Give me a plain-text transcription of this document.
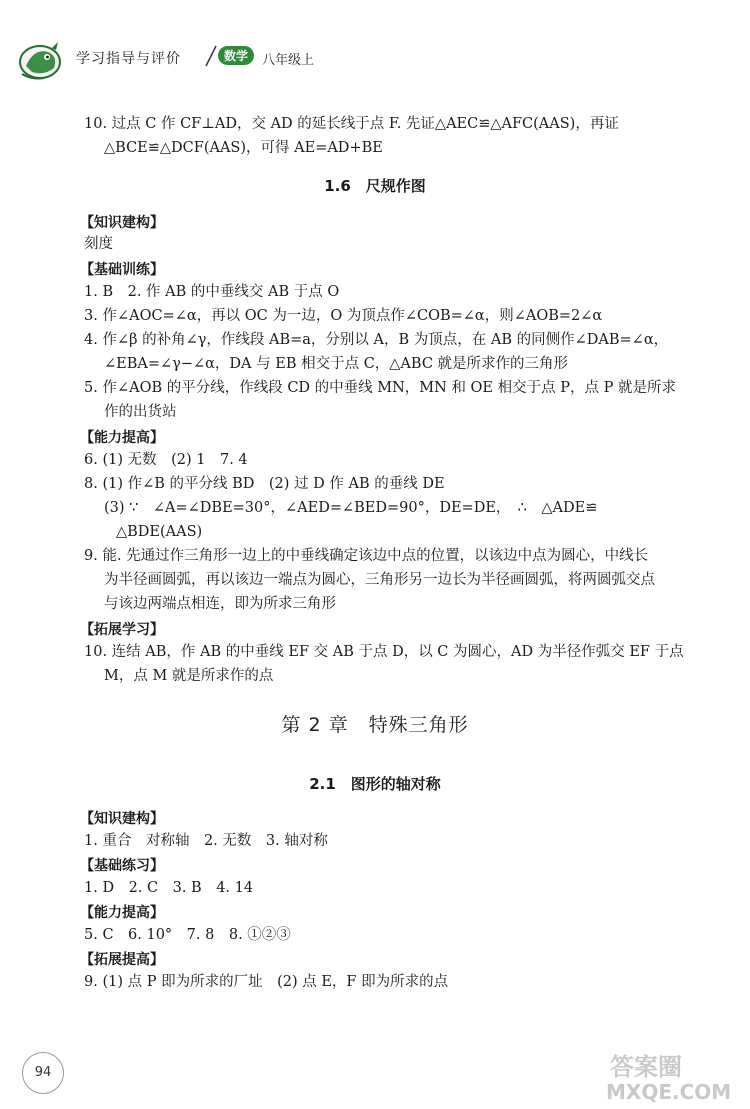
学习指导与评价	数学	八年级上
10. 过点 C 作 CF⊥AD，交 AD 的延长线于点 F. 先证△AEC≌△AFC(AAS)，再证
△BCE≌△DCF(AAS)，可得 AE=AD+BE
1.6　尺规作图
【知识建构】
刻度
【基础训练】
1. B　2. 作 AB 的中垂线交 AB 于点 O
3. 作∠AOC=∠α，再以 OC 为一边，O 为顶点作∠COB=∠α，则∠AOB=2∠α
4. 作∠β 的补角∠γ，作线段 AB=a，分别以 A，B 为顶点，在 AB 的同侧作∠DAB=∠α，
∠EBA=∠γ−∠α，DA 与 EB 相交于点 C，△ABC 就是所求作的三角形
5. 作∠AOB 的平分线，作线段 CD 的中垂线 MN，MN 和 OE 相交于点 P，点 P 就是所求
作的出货站
【能力提高】
6. (1) 无数　(2) 1　7. 4
8. (1) 作∠B 的平分线 BD　(2) 过 D 作 AB 的垂线 DE
(3) ∵　∠A=∠DBE=30°，∠AED=∠BED=90°，DE=DE，　∴　△ADE≌
△BDE(AAS)
9. 能. 先通过作三角形一边上的中垂线确定该边中点的位置，以该边中点为圆心，中线长
为半径画圆弧，再以该边一端点为圆心，三角形另一边长为半径画圆弧，将两圆弧交点
与该边两端点相连，即为所求三角形
【拓展学习】
10. 连结 AB，作 AB 的中垂线 EF 交 AB 于点 D，以 C 为圆心，AD 为半径作弧交 EF 于点
M，点 M 就是所求作的点
第 2 章　特殊三角形
2.1　图形的轴对称
【知识建构】
1. 重合　对称轴　2. 无数　3. 轴对称
【基础练习】
1. D　2. C　3. B　4. 14
【能力提高】
5. C　6. 10°　7. 8　8. ①②③
【拓展提高】
9. (1) 点 P 即为所求的厂址　(2) 点 E，F 即为所求的点
94	答案圈
MXQE.COM
